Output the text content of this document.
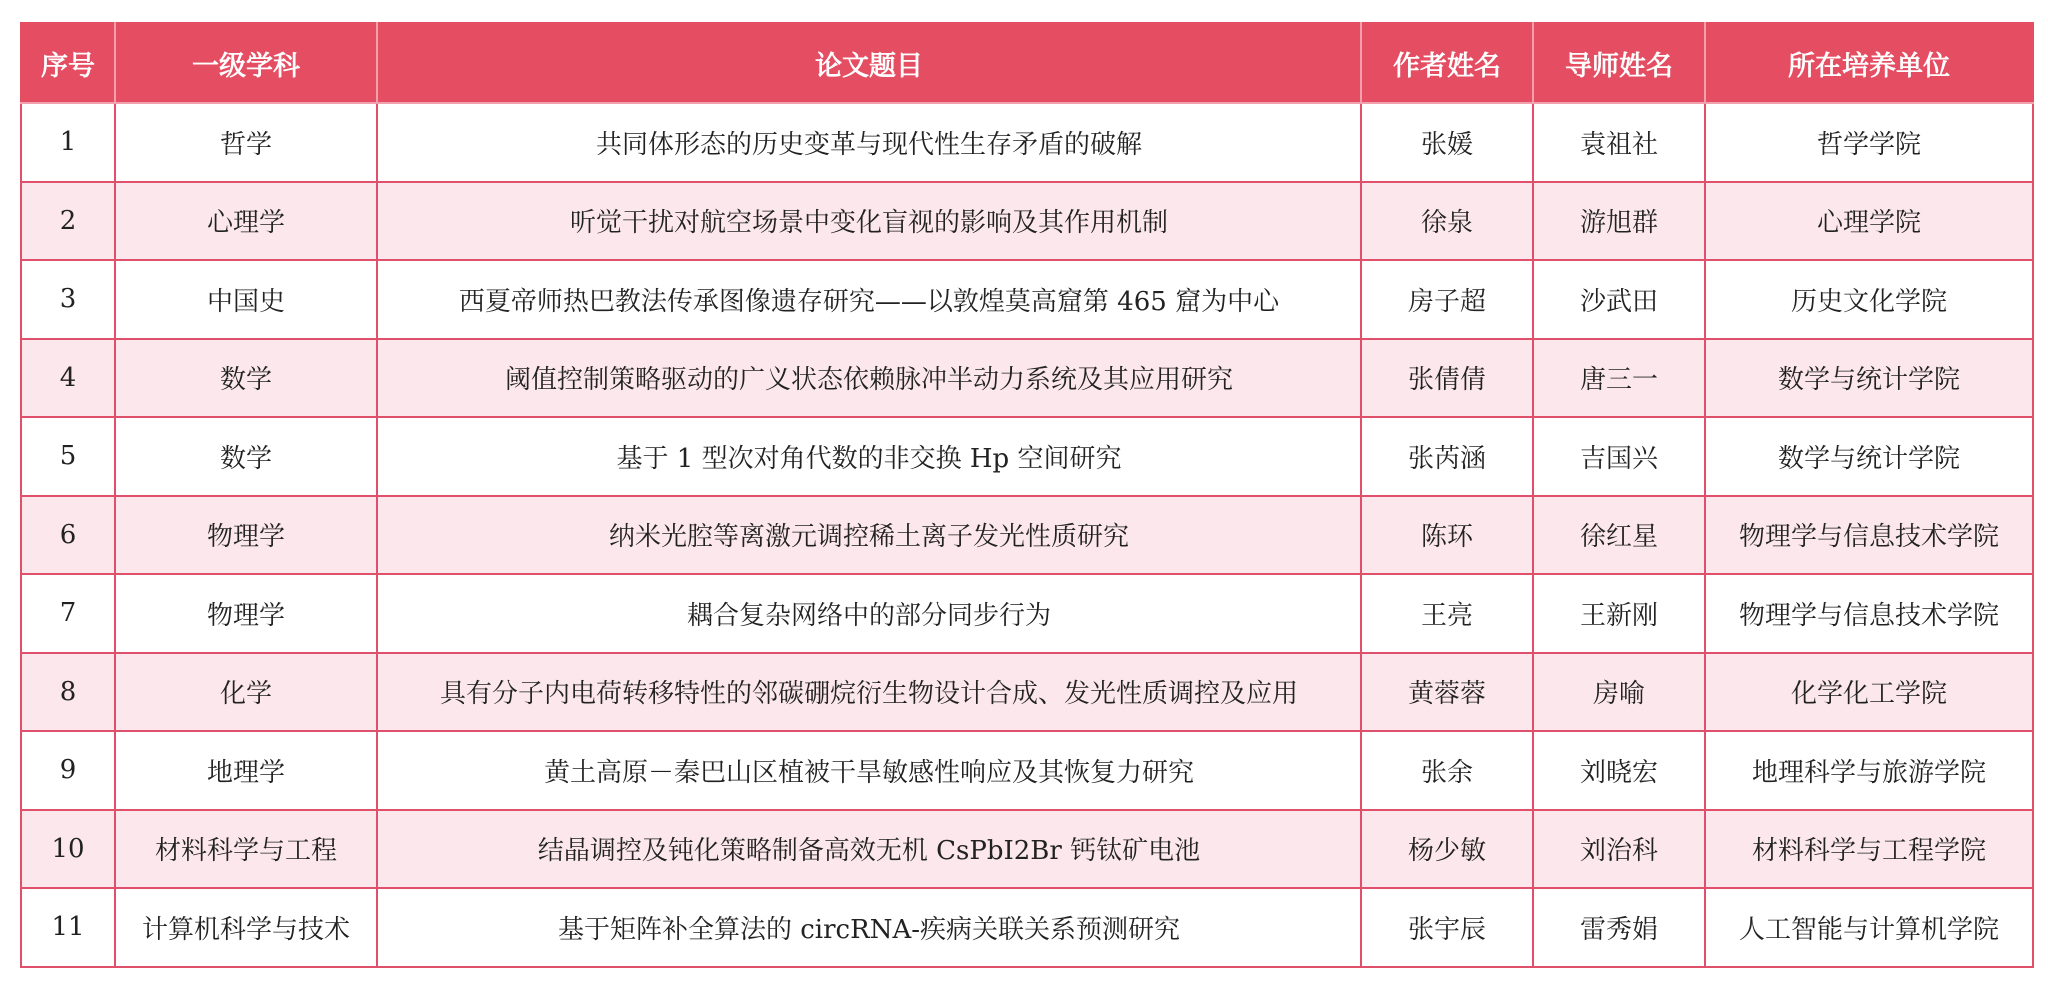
序号	一级学科	论文题目	作者姓名	导师姓名	所在培养单位
1	哲学	共同体形态的历史变革与现代性生存矛盾的破解	张媛	袁祖社	哲学学院
2	心理学	听觉干扰对航空场景中变化盲视的影响及其作用机制	徐泉	游旭群	心理学院
3	中国史	西夏帝师热巴教法传承图像遗存研究——以敦煌莫高窟第 465 窟为中心	房子超	沙武田	历史文化学院
4	数学	阈值控制策略驱动的广义状态依赖脉冲半动力系统及其应用研究	张倩倩	唐三一	数学与统计学院
5	数学	基于 1 型次对角代数的非交换 Hp 空间研究	张芮涵	吉国兴	数学与统计学院
6	物理学	纳米光腔等离激元调控稀土离子发光性质研究	陈环	徐红星	物理学与信息技术学院
7	物理学	耦合复杂网络中的部分同步行为	王亮	王新刚	物理学与信息技术学院
8	化学	具有分子内电荷转移特性的邻碳硼烷衍生物设计合成、发光性质调控及应用	黄蓉蓉	房喻	化学化工学院
9	地理学	黄土高原－秦巴山区植被干旱敏感性响应及其恢复力研究	张余	刘晓宏	地理科学与旅游学院
10	材料科学与工程	结晶调控及钝化策略制备高效无机 CsPbI2Br 钙钛矿电池	杨少敏	刘治科	材料科学与工程学院
11	计算机科学与技术	基于矩阵补全算法的 circRNA-疾病关联关系预测研究	张宇辰	雷秀娟	人工智能与计算机学院
